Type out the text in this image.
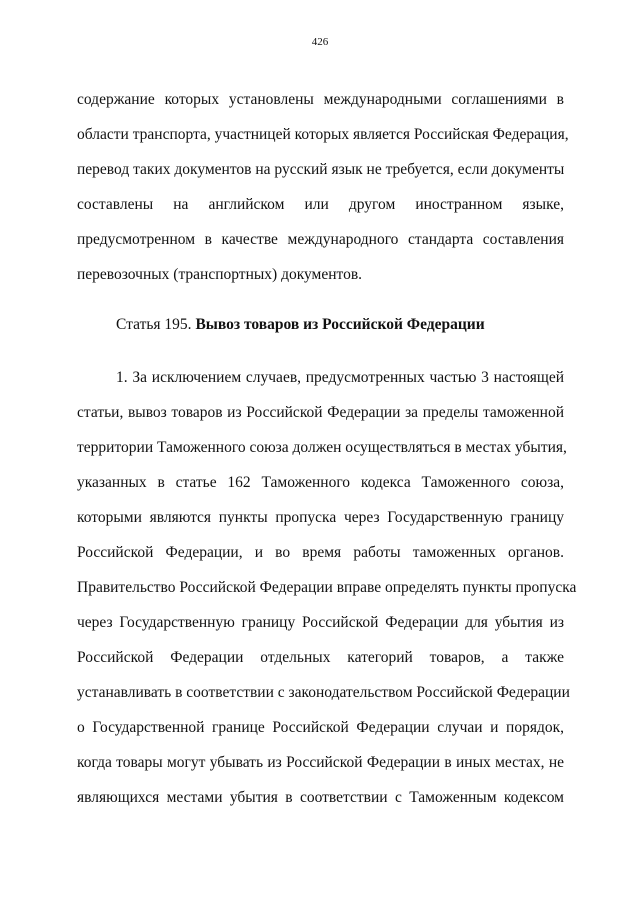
426
содержание которых установлены международными соглашениями в
области транспорта, участницей которых является Российская Федерация,
перевод таких документов на русский язык не требуется, если документы
составлены на английском или другом иностранном языке,
предусмотренном в качестве международного стандарта составления
перевозочных (транспортных) документов.
Статья 195. Вывоз товаров из Российской Федерации
1. За исключением случаев, предусмотренных частью 3 настоящей
статьи, вывоз товаров из Российской Федерации за пределы таможенной
территории Таможенного союза должен осуществляться в местах убытия,
указанных в статье 162 Таможенного кодекса Таможенного союза,
которыми являются пункты пропуска через Государственную границу
Российской Федерации, и во время работы таможенных органов.
Правительство Российской Федерации вправе определять пункты пропуска
через Государственную границу Российской Федерации для убытия из
Российской Федерации отдельных категорий товаров, а также
устанавливать в соответствии с законодательством Российской Федерации
о Государственной границе Российской Федерации случаи и порядок,
когда товары могут убывать из Российской Федерации в иных местах, не
являющихся местами убытия в соответствии с Таможенным кодексом
